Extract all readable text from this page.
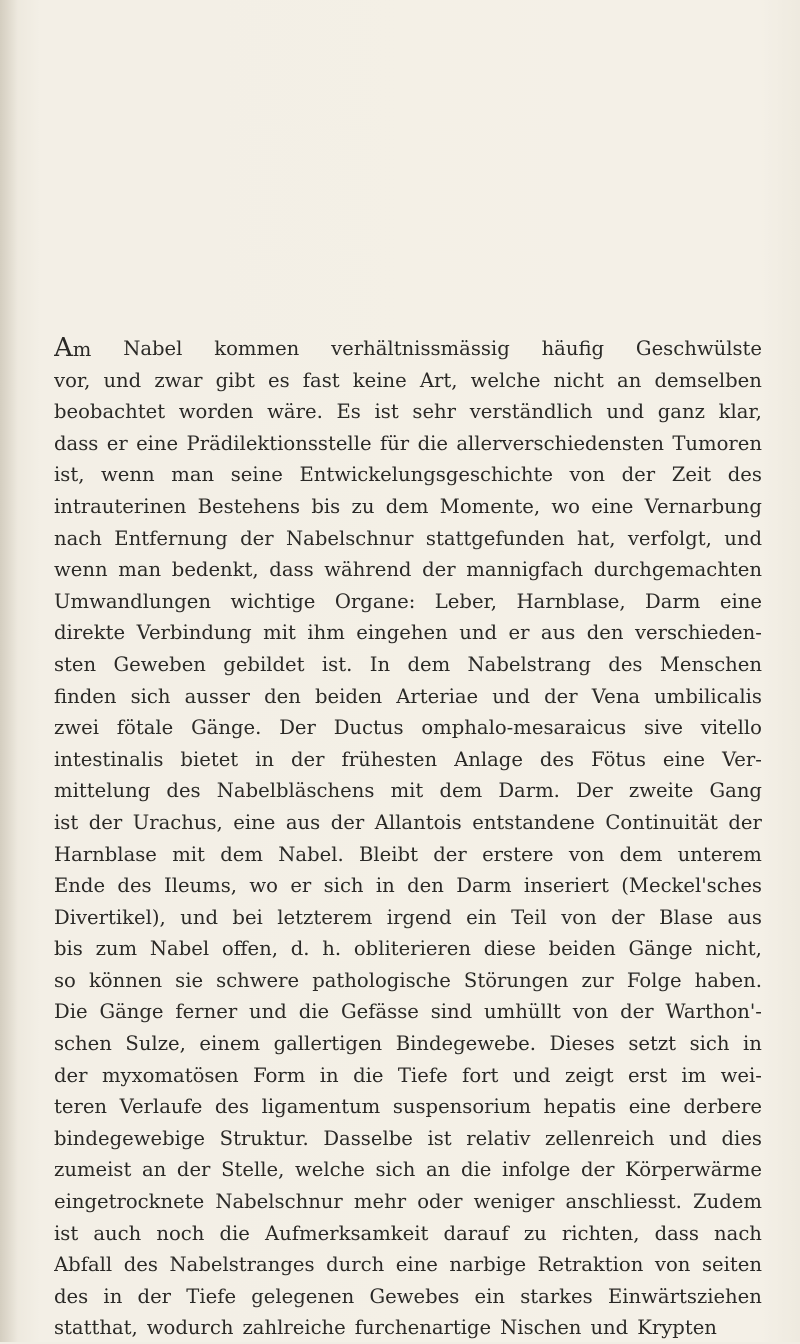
Am Nabel kommen verhältnissmässig häufig Geschwülste
vor, und zwar gibt es fast keine Art, welche nicht an demselben
beobachtet worden wäre. Es ist sehr verständlich und ganz klar,
dass er eine Prädilektionsstelle für die allerverschiedensten Tumoren
ist, wenn man seine Entwickelungsgeschichte von der Zeit des
intrauterinen Bestehens bis zu dem Momente, wo eine Vernarbung
nach Entfernung der Nabelschnur stattgefunden hat, verfolgt, und
wenn man bedenkt, dass während der mannigfach durchgemachten
Umwandlungen wichtige Organe: Leber, Harnblase, Darm eine
direkte Verbindung mit ihm eingehen und er aus den verschieden-
sten Geweben gebildet ist. In dem Nabelstrang des Menschen
finden sich ausser den beiden Arteriae und der Vena umbilicalis
zwei fötale Gänge. Der Ductus omphalo-mesaraicus sive vitello
intestinalis bietet in der frühesten Anlage des Fötus eine Ver-
mittelung des Nabelbläschens mit dem Darm. Der zweite Gang
ist der Urachus, eine aus der Allantois entstandene Continuität der
Harnblase mit dem Nabel. Bleibt der erstere von dem unterem
Ende des Ileums, wo er sich in den Darm inseriert (Meckel'sches
Divertikel), und bei letzterem irgend ein Teil von der Blase aus
bis zum Nabel offen, d. h. obliterieren diese beiden Gänge nicht,
so können sie schwere pathologische Störungen zur Folge haben.
Die Gänge ferner und die Gefässe sind umhüllt von der Warthon'-
schen Sulze, einem gallertigen Bindegewebe. Dieses setzt sich in
der myxomatösen Form in die Tiefe fort und zeigt erst im wei-
teren Verlaufe des ligamentum suspensorium hepatis eine derbere
bindegewebige Struktur. Dasselbe ist relativ zellenreich und dies
zumeist an der Stelle, welche sich an die infolge der Körperwärme
eingetrocknete Nabelschnur mehr oder weniger anschliesst. Zudem
ist auch noch die Aufmerksamkeit darauf zu richten, dass nach
Abfall des Nabelstranges durch eine narbige Retraktion von seiten
des in der Tiefe gelegenen Gewebes ein starkes Einwärtsziehen
statthat, wodurch zahlreiche furchenartige Nischen und Krypten
